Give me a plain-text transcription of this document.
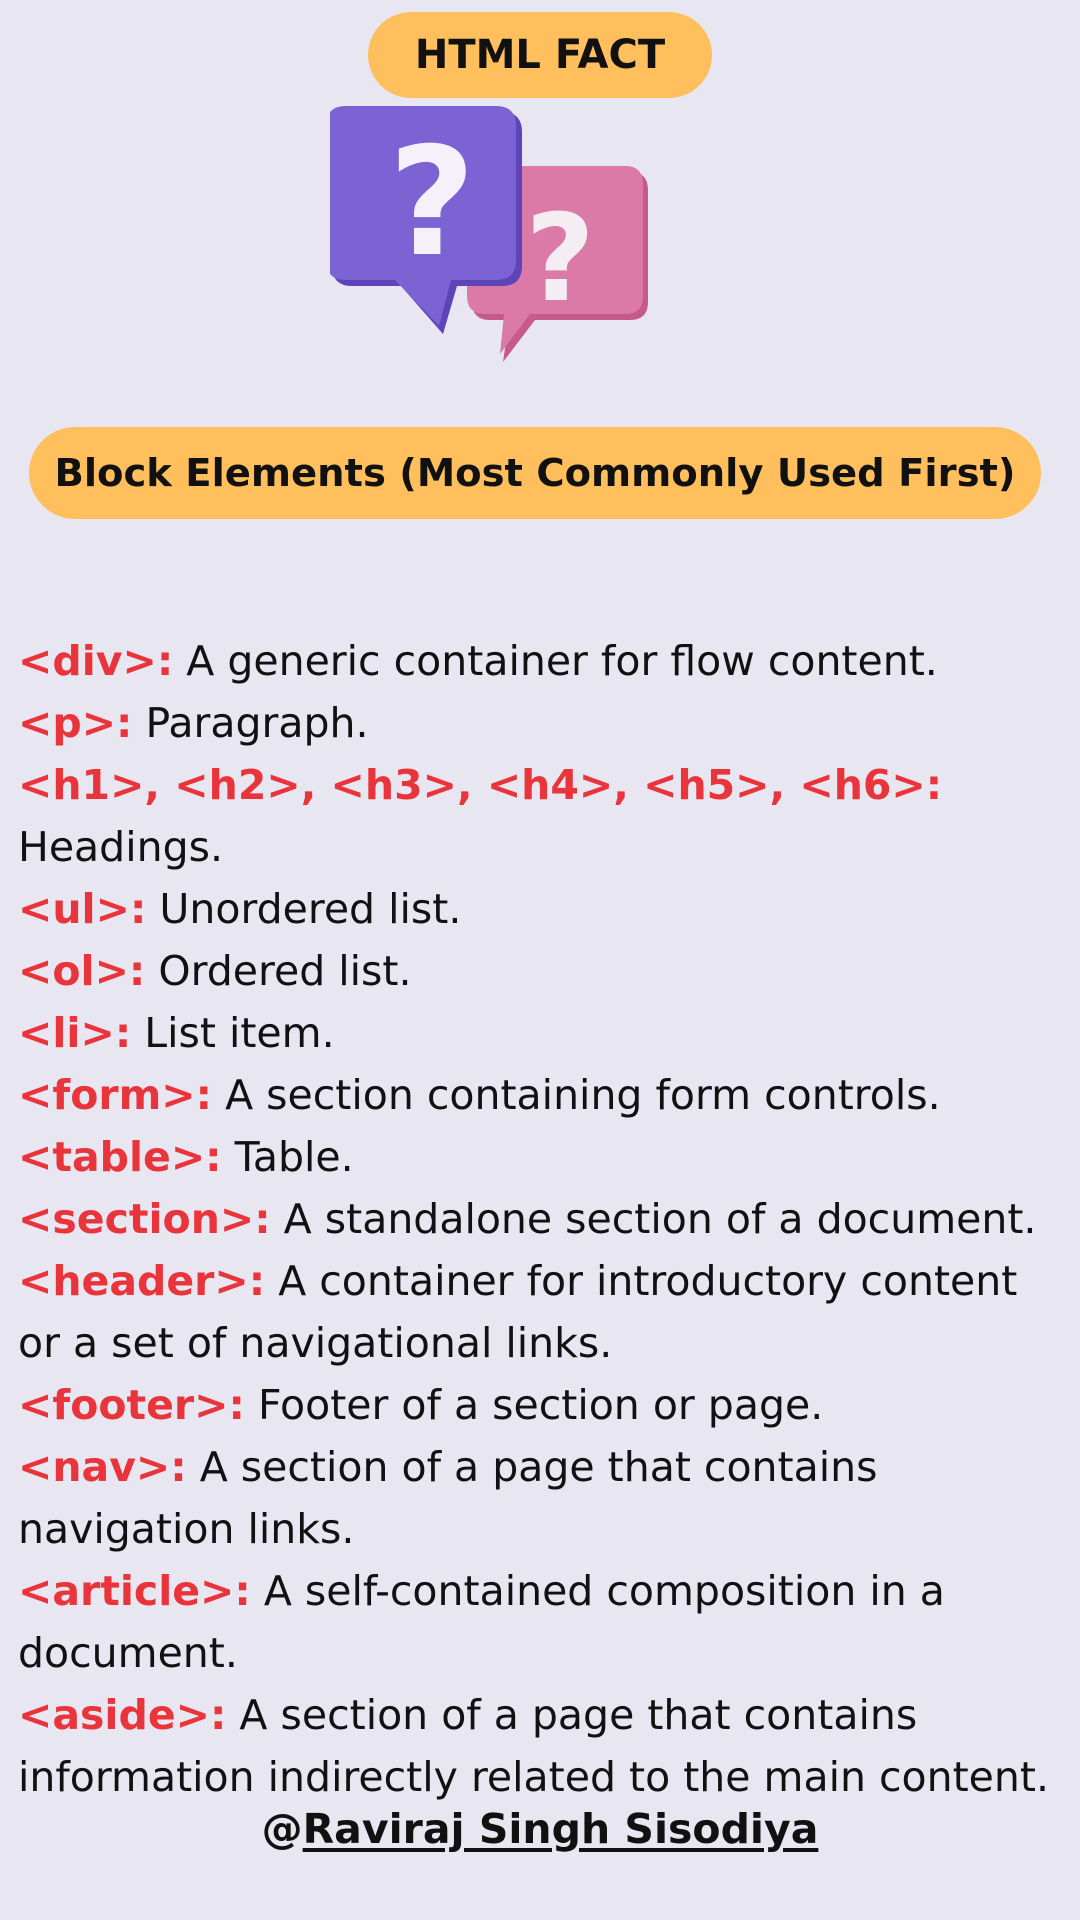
HTML FACT
?
?
Block Elements (Most Commonly Used First)

<div>: A generic container for flow content.

<p>: Paragraph.

<h1>, <h2>, <h3>, <h4>, <h5>, <h6>: Headings.

<ul>: Unordered list.

<ol>: Ordered list.

<li>: List item.

<form>: A section containing form controls.

<table>: Table.

<section>: A standalone section of a document.

<header>: A container for introductory content or a set of navigational links.

<footer>: Footer of a section or page.

<nav>: A section of a page that contains navigation links.

<article>: A self-contained composition in a document.

<aside>: A section of a page that contains information indirectly related to the main content.

@Raviraj Singh Sisodiya
